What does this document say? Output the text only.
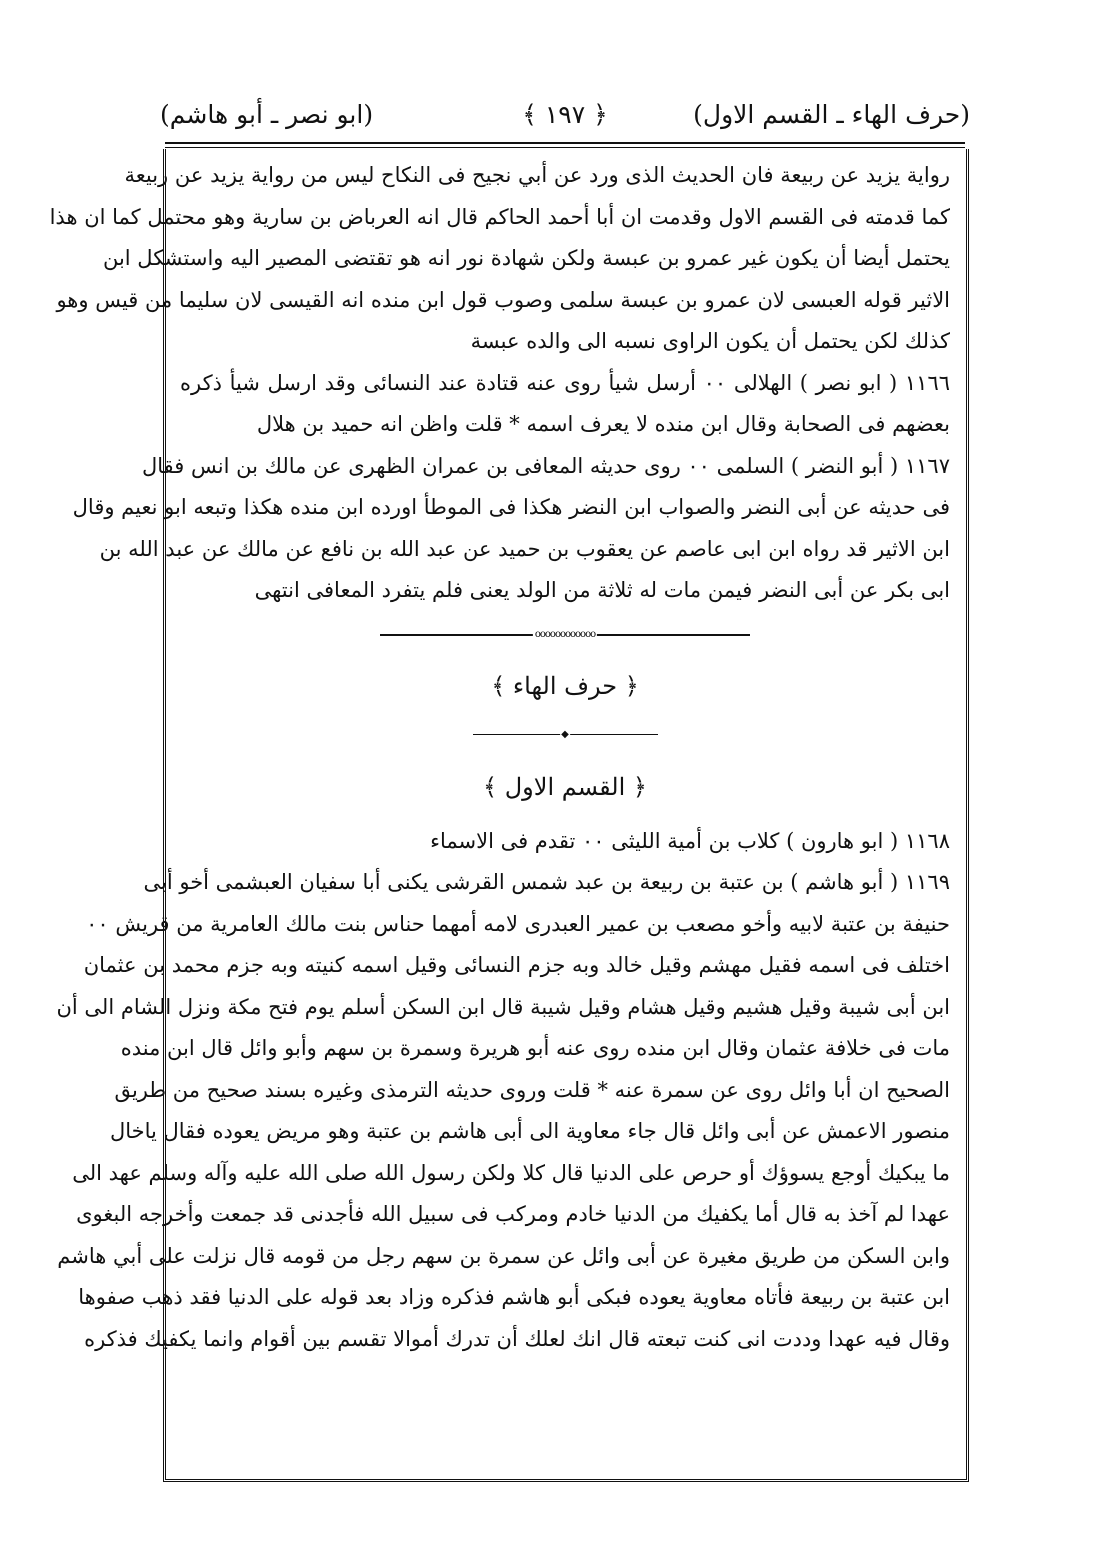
(حرف الهاء ـ القسم الاول)
﴿ ١٩٧ ﴾
(ابو نصر ـ أبو هاشم)
رواية يزيد عن ربيعة فان الحديث الذى ورد عن أبي نجيح فى النكاح ليس من رواية يزيد عن ربيعة
كما قدمته فى القسم الاول وقدمت ان أبا أحمد الحاكم قال انه العرباض بن سارية وهو محتمل كما ان هذا
يحتمل أيضا أن يكون غير عمرو بن عبسة ولكن شهادة نور انه هو تقتضى المصير اليه واستشكل ابن
الاثير قوله العبسى لان عمرو بن عبسة سلمى وصوب قول ابن منده انه القيسى لان سليما من قيس وهو
كذلك لكن يحتمل أن يكون الراوى نسبه الى والده عبسة
١١٦٦ ( ابو نصر ) الهلالى ٠٠ أرسل شيأ روى عنه قتادة عند النسائى وقد ارسل شيأ ذكره
بعضهم فى الصحابة وقال ابن منده لا يعرف اسمه * قلت واظن انه حميد بن هلال
١١٦٧ ( أبو النضر ) السلمى ٠٠ روى حديثه المعافى بن عمران الظهرى عن مالك بن انس فقال
فى حديثه عن أبى النضر والصواب ابن النضر هكذا فى الموطأ اورده ابن منده هكذا وتبعه ابو نعيم وقال
ابن الاثير قد رواه ابن ابى عاصم عن يعقوب بن حميد عن عبد الله بن نافع عن مالك عن عبد الله بن
ابى بكر عن أبى النضر فيمن مات له ثلاثة من الولد يعنى فلم يتفرد المعافى انتهى
oooooooooooo
﴿ حرف الهاء ﴾
◆
﴿ القسم الاول ﴾
١١٦٨ ( ابو هارون ) كلاب بن أمية الليثى ٠٠ تقدم فى الاسماء
١١٦٩ ( أبو هاشم ) بن عتبة بن ربيعة بن عبد شمس القرشى يكنى أبا سفيان العبشمى أخو أبى
حنيفة بن عتبة لابيه وأخو مصعب بن عمير العبدرى لامه أمهما حناس بنت مالك العامرية من قريش ٠٠
اختلف فى اسمه فقيل مهشم وقيل خالد وبه جزم النسائى وقيل اسمه كنيته وبه جزم محمد بن عثمان
ابن أبى شيبة وقيل هشيم وقيل هشام وقيل شيبة قال ابن السكن أسلم يوم فتح مكة ونزل الشام الى أن
مات فى خلافة عثمان وقال ابن منده روى عنه أبو هريرة وسمرة بن سهم وأبو وائل قال ابن منده
الصحيح ان أبا وائل روى عن سمرة عنه * قلت وروى حديثه الترمذى وغيره بسند صحيح من طريق
منصور الاعمش عن أبى وائل قال جاء معاوية الى أبى هاشم بن عتبة وهو مريض يعوده فقال ياخال
ما يبكيك أوجع يسوؤك أو حرص على الدنيا قال كلا ولكن رسول الله صلى الله عليه وآله وسلم عهد الى
عهدا لم آخذ به قال أما يكفيك من الدنيا خادم ومركب فى سبيل الله فأجدنى قد جمعت وأخرجه البغوى
وابن السكن من طريق مغيرة عن أبى وائل عن سمرة بن سهم رجل من قومه قال نزلت على أبي هاشم
ابن عتبة بن ربيعة فأتاه معاوية يعوده فبكى أبو هاشم فذكره وزاد بعد قوله على الدنيا فقد ذهب صفوها
وقال فيه عهدا وددت انى كنت تبعته قال انك لعلك أن تدرك أموالا تقسم بين أقوام وانما يكفيك فذكره
